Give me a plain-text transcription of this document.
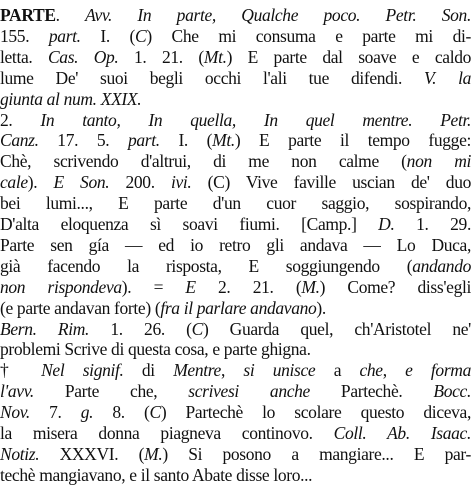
PARTE. Avv. In parte, Qualche poco. Petr. Son.
155. part. I. (C) Che mi consuma e parte mi di-
letta. Cas. Op. 1. 21. (Mt.) E parte dal soave e caldo
lume De' suoi begli occhi l'ali tue difendi. V. la
giunta al num. XXIX.
2. In tanto, In quella, In quel mentre. Petr.
Canz. 17. 5. part. I. (Mt.) E parte il tempo fugge:
Chè, scrivendo d'altrui, di me non calme (non mi
cale). E Son. 200. ivi. (C) Vive faville uscian de' duo
bei lumi..., E parte d'un cuor saggio, sospirando,
D'alta eloquenza sì soavi fiumi. [Camp.] D. 1. 29.
Parte sen gía — ed io retro gli andava — Lo Duca,
già facendo la risposta, E soggiungendo (andando
non rispondeva). = E 2. 21. (M.) Come? diss'egli
(e parte andavan forte) (fra il parlare andavano).
Bern. Rim. 1. 26. (C) Guarda quel, ch'Aristotel ne'
problemi Scrive di questa cosa, e parte ghigna.
† Nel signif. di Mentre, si unisce a che, e forma
l'avv. Parte che, scrivesi anche Partechè. Bocc.
Nov. 7. g. 8. (C) Partechè lo scolare questo diceva,
la misera donna piagneva continovo. Coll. Ab. Isaac.
Notiz. XXXVI. (M.) Si posono a mangiare... E par-
techè mangiavano, e il santo Abate disse loro...
